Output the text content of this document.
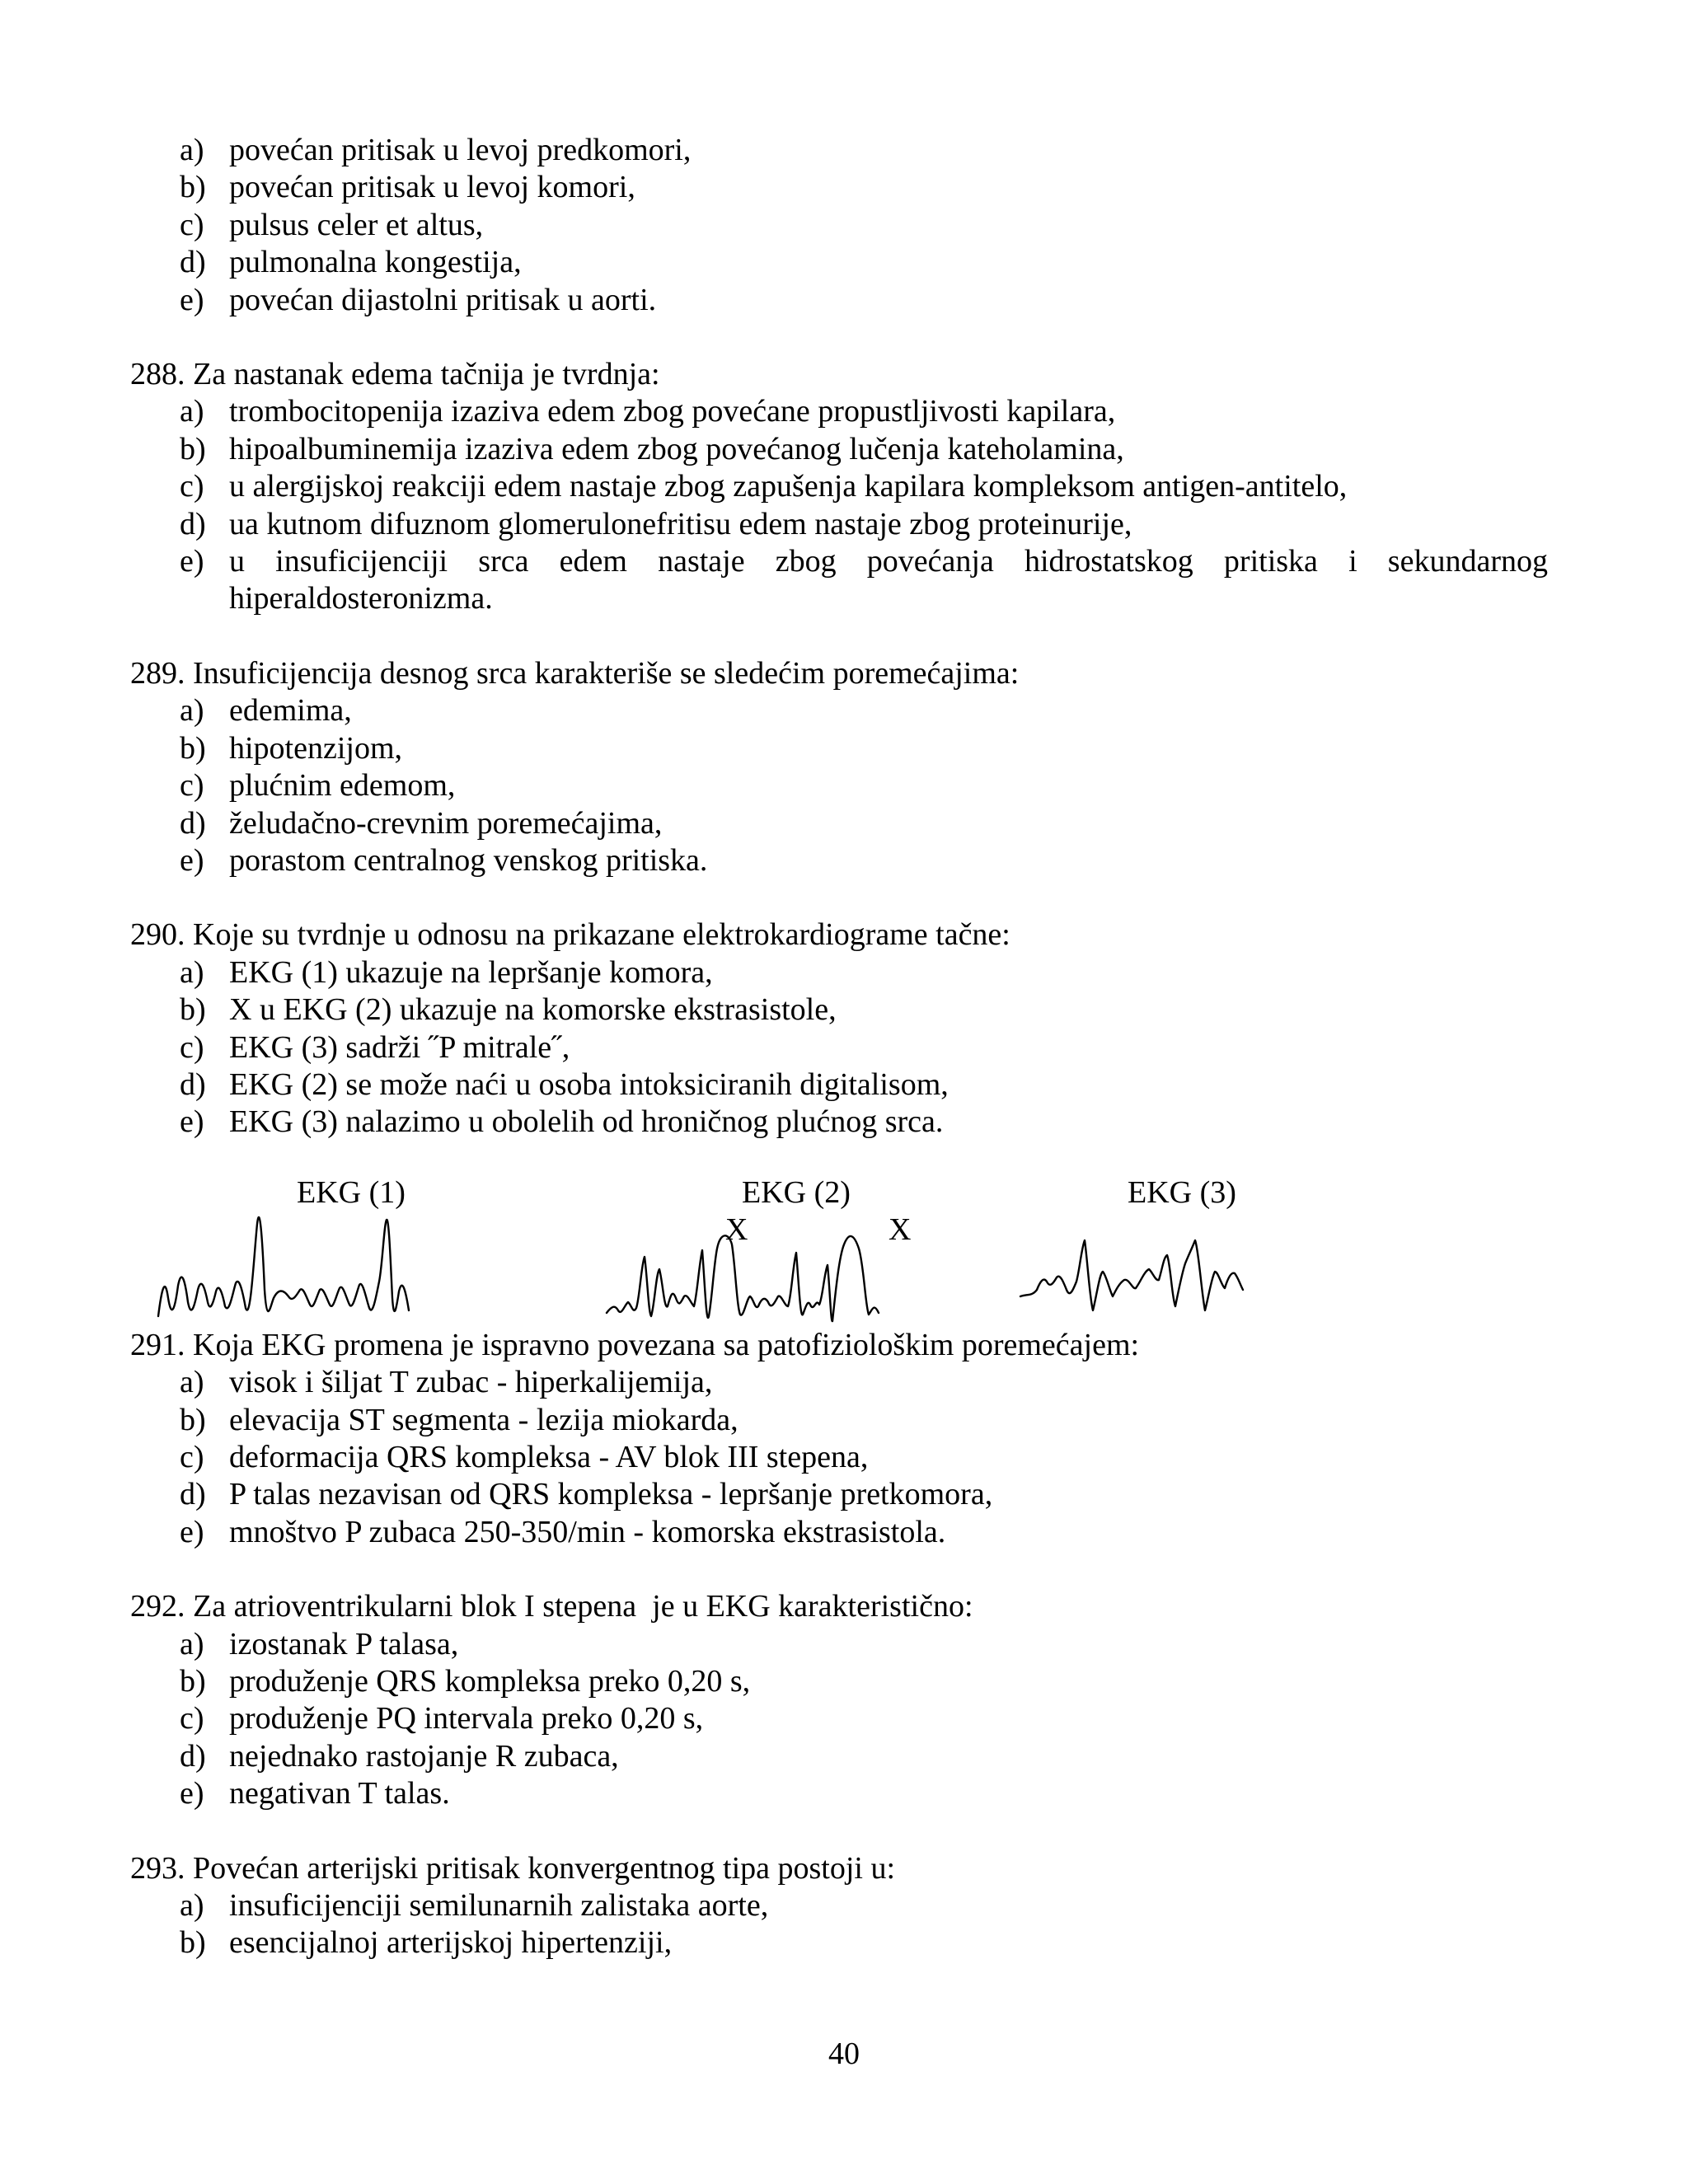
a) povećan pritisak u levoj predkomori,
b) povećan pritisak u levoj komori,
c) pulsus celer et altus,
d) pulmonalna kongestija,
e) povećan dijastolni pritisak u aorti.
288. Za nastanak edema tačnija je tvrdnja:
a) trombocitopenija izaziva edem zbog povećane propustljivosti kapilara,
b) hipoalbuminemija izaziva edem zbog povećanog lučenja kateholamina,
c) u alergijskoj reakciji edem nastaje zbog zapušenja kapilara kompleksom antigen-antitelo,
d) ua kutnom difuznom glomerulonefritisu edem nastaje zbog proteinurije,
e) u insuficijenciji srca edem nastaje zbog povećanja hidrostatskog pritiska i sekundarnog hiperaldosteronizma.
289. Insuficijencija desnog srca karakteriše se sledećim poremećajima:
a) edemima,
b) hipotenzijom,
c) plućnim edemom,
d) želudačno-crevnim poremećajima,
e) porastom centralnog venskog pritiska.
290. Koje su tvrdnje u odnosu na prikazane elektrokardiograme tačne:
a) EKG (1) ukazuje na lepršanje komora,
b) X u EKG (2) ukazuje na komorske ekstrasistole,
c) EKG (3) sadrži ˝P mitrale˝,
d) EKG (2) se može naći u osoba intoksiciranih digitalisom,
e) EKG (3) nalazimo u obolelih od hroničnog plućnog srca.
EKG (1)	EKG (2)	EKG (3)
X	X
291. Koja EKG promena je ispravno povezana sa patofiziološkim poremećajem:
a) visok i šiljat T zubac - hiperkalijemija,
b) elevacija ST segmenta - lezija miokarda,
c) deformacija QRS kompleksa - AV blok III stepena,
d) P talas nezavisan od QRS kompleksa - lepršanje pretkomora,
e) mnoštvo P zubaca 250-350/min - komorska ekstrasistola.
292. Za atrioventrikularni blok I stepena  je u EKG karakteristično:
a) izostanak P talasa,
b) produženje QRS kompleksa preko 0,20 s,
c) produženje PQ intervala preko 0,20 s,
d) nejednako rastojanje R zubaca,
e) negativan T talas.
293. Povećan arterijski pritisak konvergentnog tipa postoji u:
a) insuficijenciji semilunarnih zalistaka aorte,
b) esencijalnoj arterijskoj hipertenziji,
40
